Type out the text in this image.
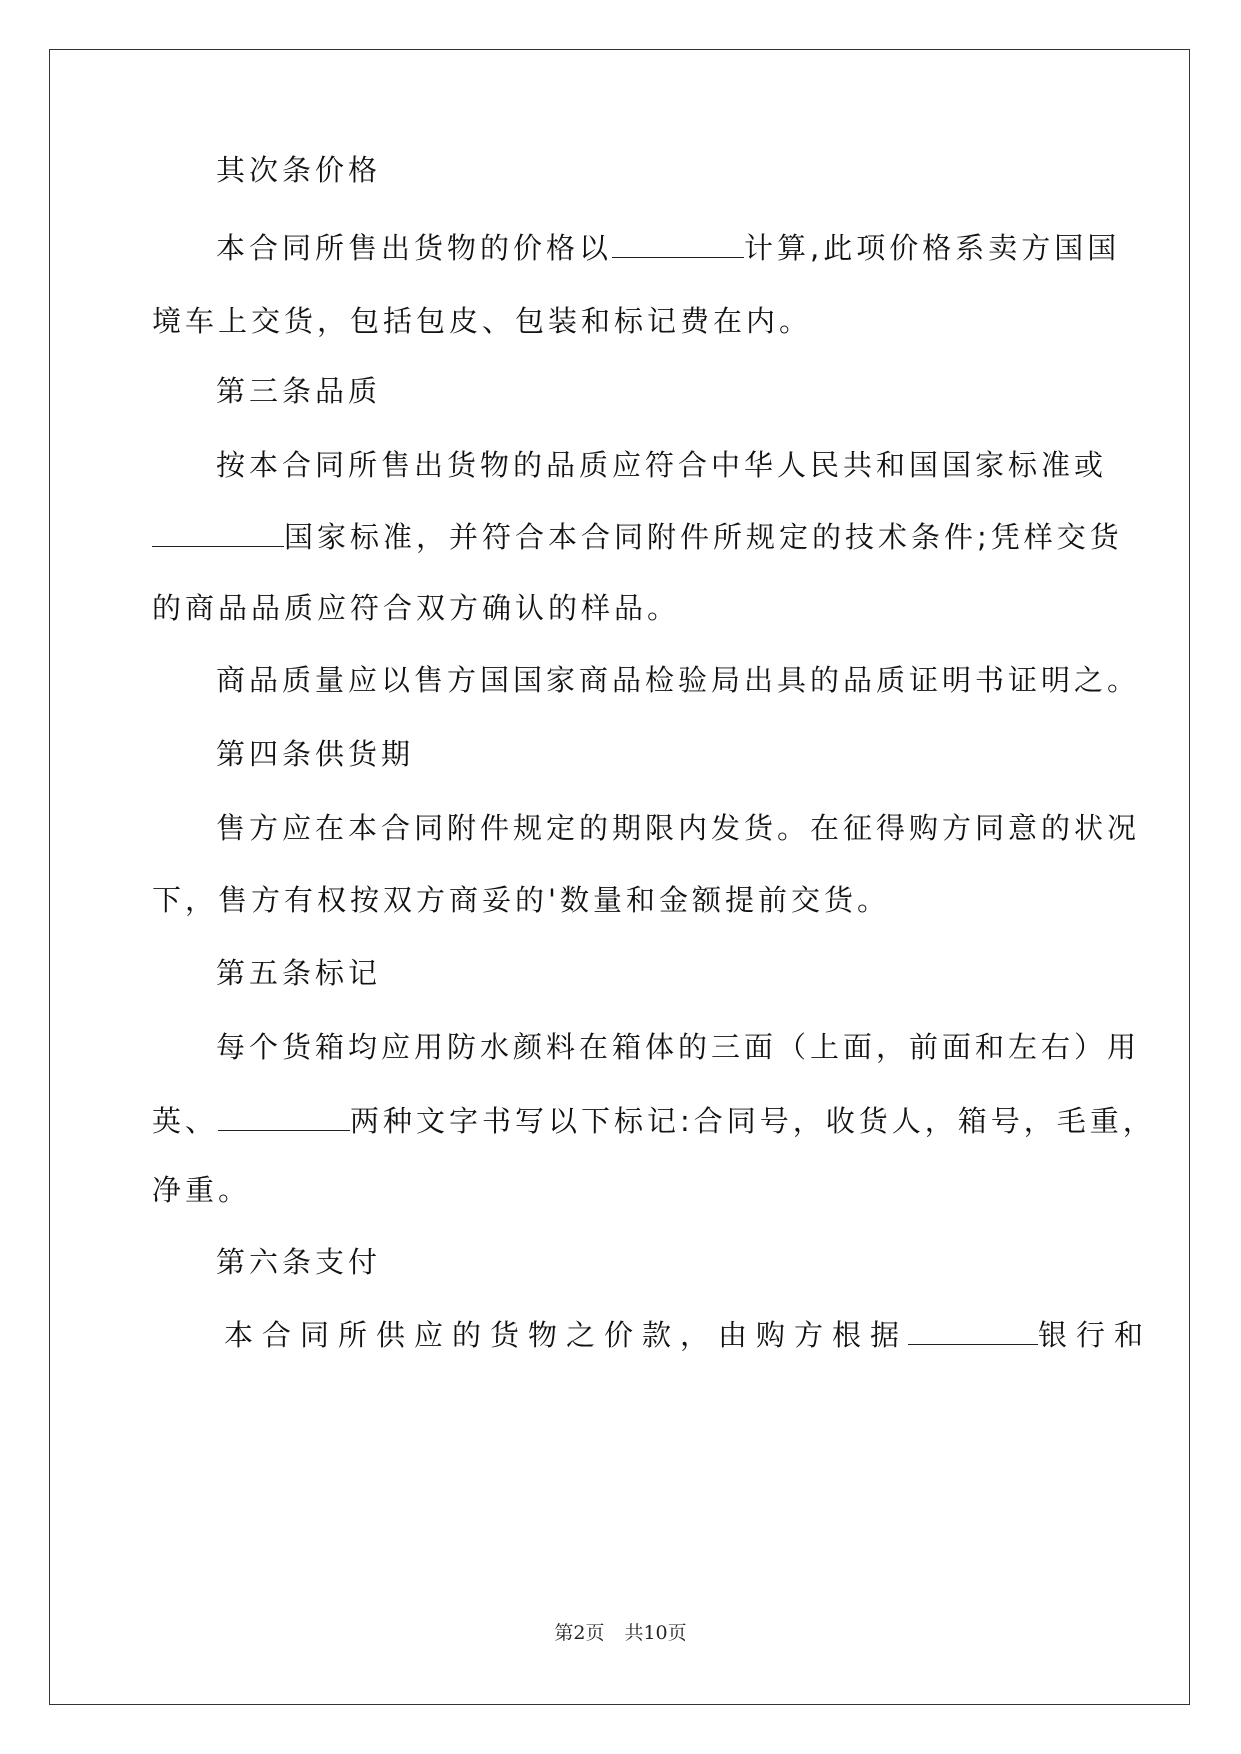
其次条价格
本合同所售出货物的价格以	计算,此项价格系卖方国国
境车上交货，包括包皮、包装和标记费在内。
第三条品质
按本合同所售出货物的品质应符合中华人民共和国国家标准或
国家标准，并符合本合同附件所规定的技术条件;凭样交货
的商品品质应符合双方确认的样品。
商品质量应以售方国国家商品检验局出具的品质证明书证明之。
第四条供货期
售方应在本合同附件规定的期限内发货。在征得购方同意的状况
下，售方有权按双方商妥的'数量和金额提前交货。
第五条标记
每个货箱均应用防水颜料在箱体的三面（上面，前面和左右）用
英、	两种文字书写以下标记:合同号，收货人，箱号，毛重，
净重。
第六条支付
本合同所供应的货物之价款，由购方根据	银行和
第2页 共10页
